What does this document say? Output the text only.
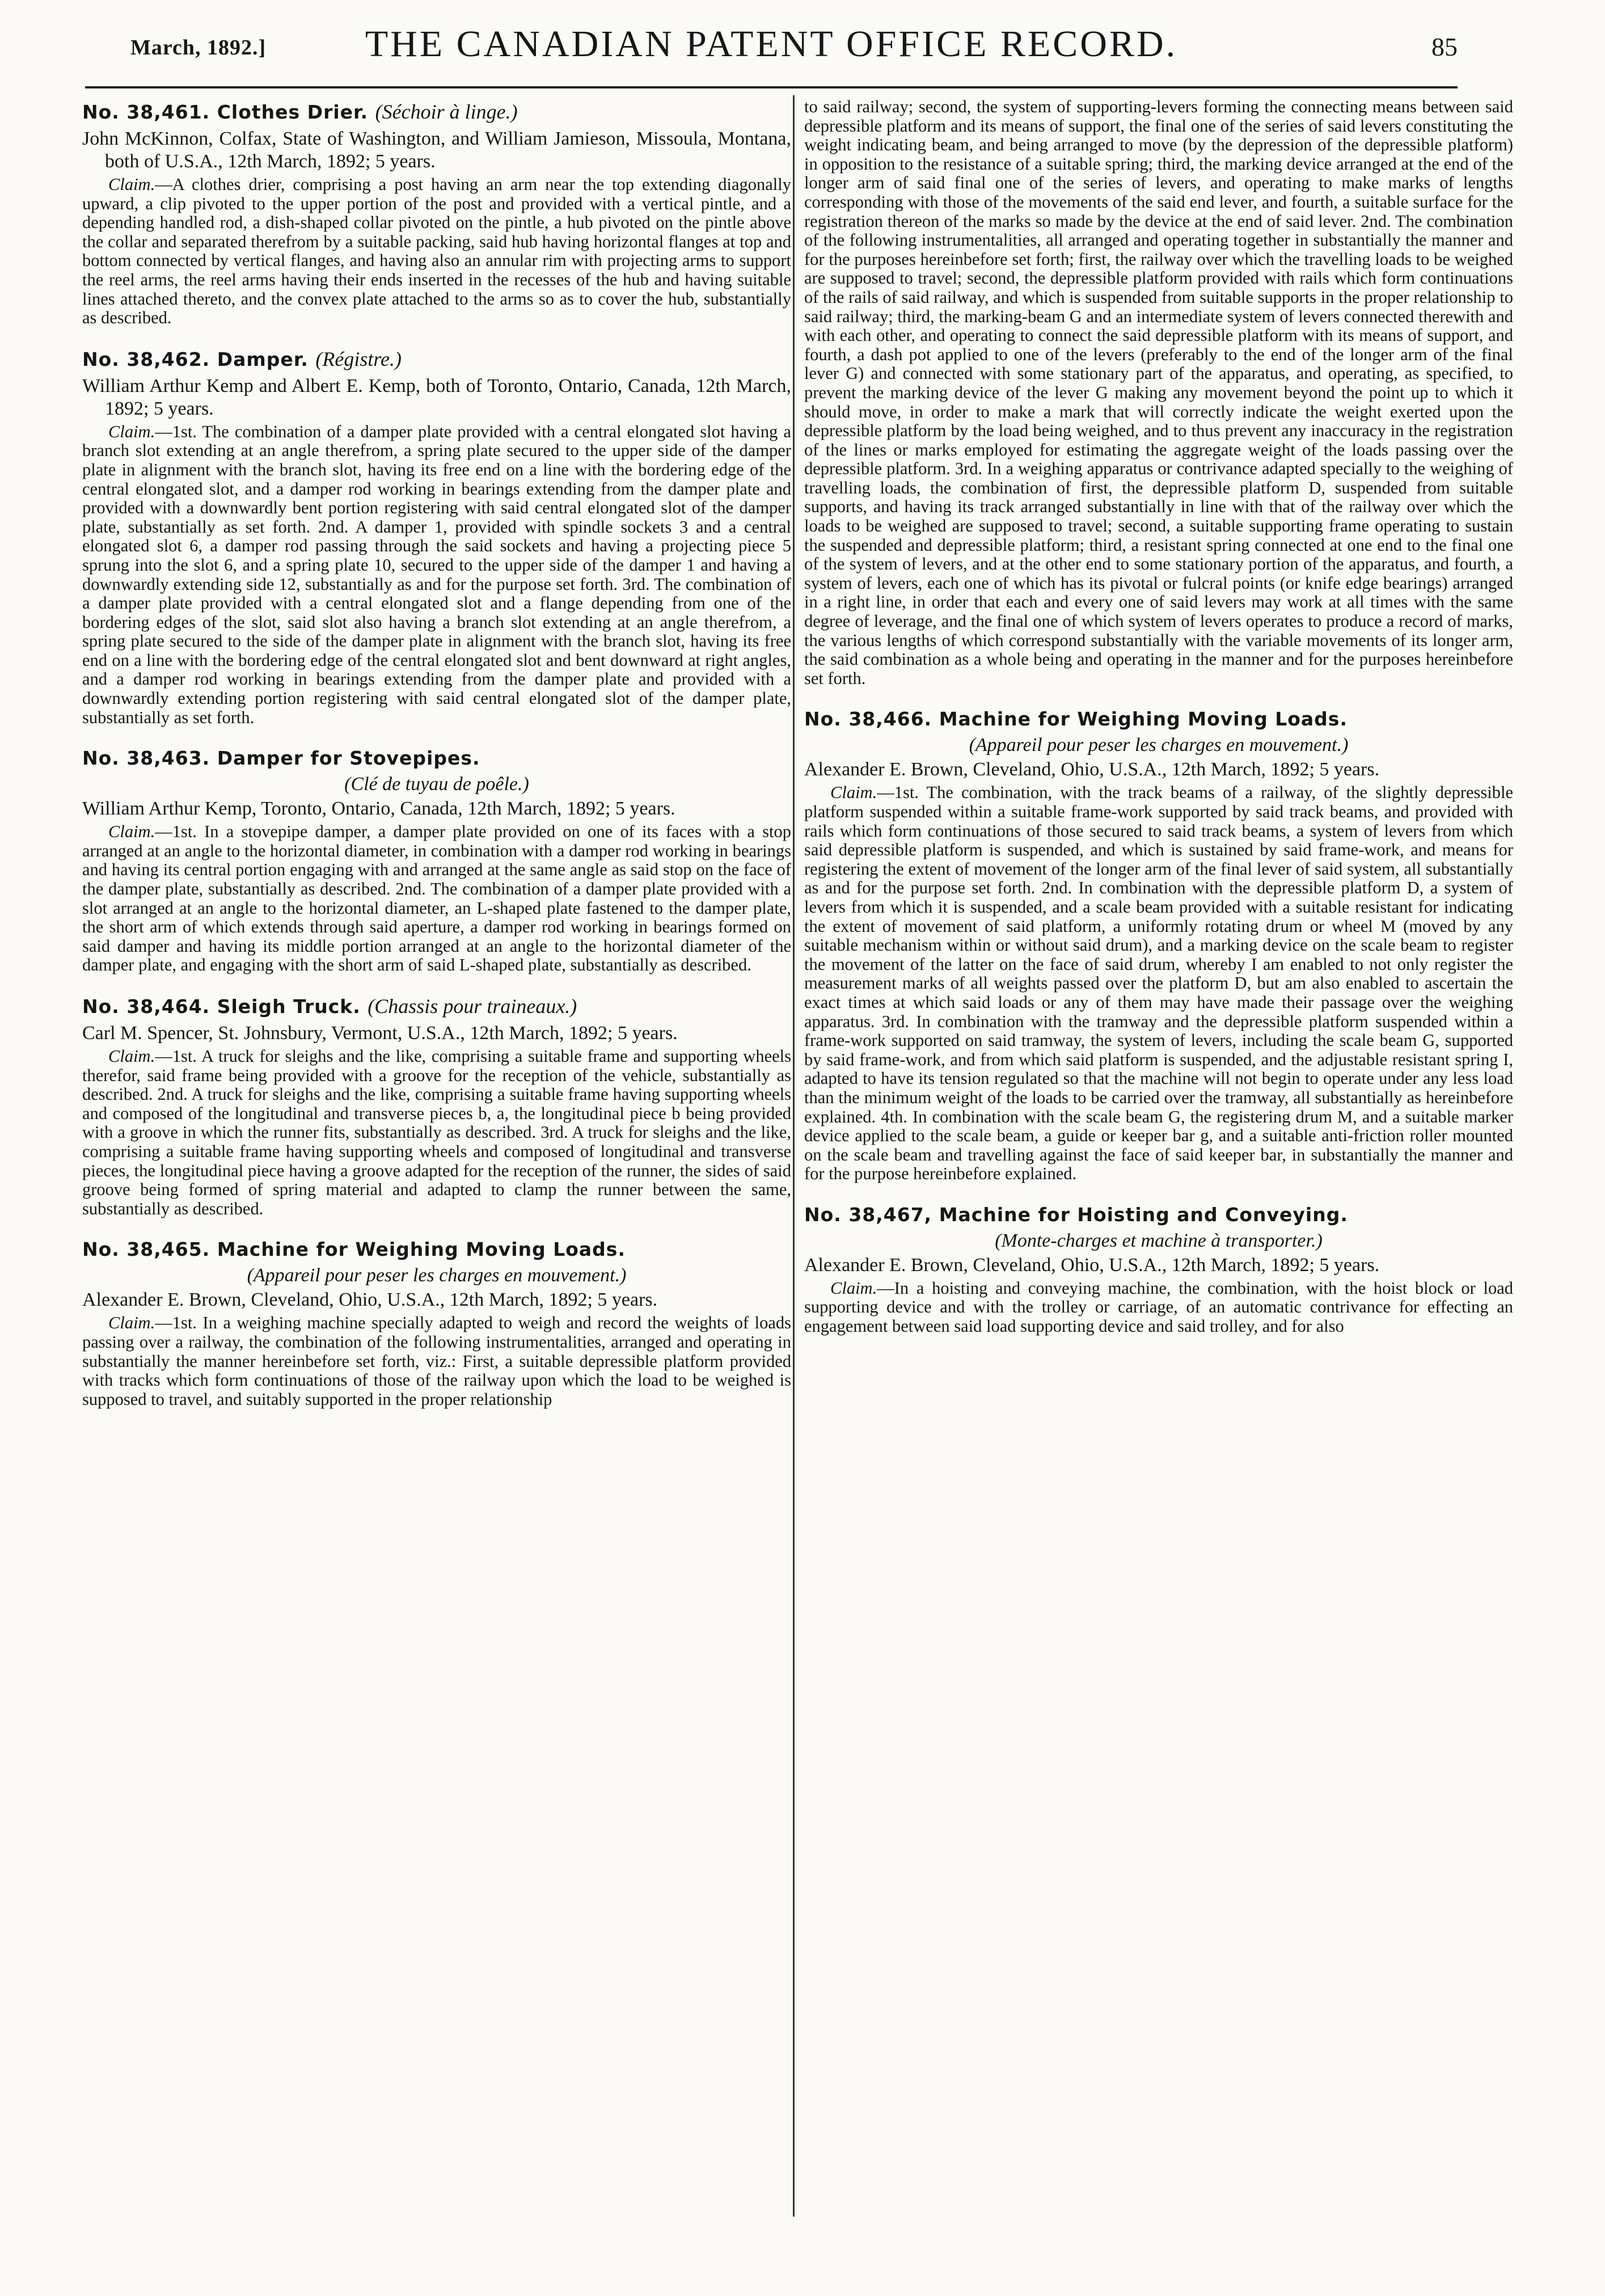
March, 1892.]	THE CANADIAN PATENT OFFICE RECORD.	85
No. 38,461. Clothes Drier. (Séchoir à linge.)

John McKinnon, Colfax, State of Washington, and William Jamieson, Missoula, Montana, both of U.S.A., 12th March, 1892; 5 years.

Claim.—A clothes drier, comprising a post having an arm near the top extending diagonally upward, a clip pivoted to the upper portion of the post and provided with a vertical pintle, and a depending handled rod, a dish-shaped collar pivoted on the pintle, a hub pivoted on the pintle above the collar and separated therefrom by a suitable packing, said hub having horizontal flanges at top and bottom connected by vertical flanges, and having also an annular rim with projecting arms to support the reel arms, the reel arms having their ends inserted in the recesses of the hub and having suitable lines attached thereto, and the convex plate attached to the arms so as to cover the hub, substantially as described.

No. 38,462. Damper. (Régistre.)

William Arthur Kemp and Albert E. Kemp, both of Toronto, Ontario, Canada, 12th March, 1892; 5 years.

Claim.—1st. The combination of a damper plate provided with a central elongated slot having a branch slot extending at an angle therefrom, a spring plate secured to the upper side of the damper plate in alignment with the branch slot, having its free end on a line with the bordering edge of the central elongated slot, and a damper rod working in bearings extending from the damper plate and provided with a downwardly bent portion registering with said central elongated slot of the damper plate, substantially as set forth. 2nd. A damper 1, provided with spindle sockets 3 and a central elongated slot 6, a damper rod passing through the said sockets and having a projecting piece 5 sprung into the slot 6, and a spring plate 10, secured to the upper side of the damper 1 and having a downwardly extending side 12, substantially as and for the purpose set forth. 3rd. The combination of a damper plate provided with a central elongated slot and a flange depending from one of the bordering edges of the slot, said slot also having a branch slot extending at an angle therefrom, a spring plate secured to the side of the damper plate in alignment with the branch slot, having its free end on a line with the bordering edge of the central elongated slot and bent downward at right angles, and a damper rod working in bearings extending from the damper plate and provided with a downwardly extending portion registering with said central elongated slot of the damper plate, substantially as set forth.

No. 38,463. Damper for Stovepipes.
(Clé de tuyau de poêle.)

William Arthur Kemp, Toronto, Ontario, Canada, 12th March, 1892; 5 years.

Claim.—1st. In a stovepipe damper, a damper plate provided on one of its faces with a stop arranged at an angle to the horizontal diameter, in combination with a damper rod working in bearings and having its central portion engaging with and arranged at the same angle as said stop on the face of the damper plate, substantially as described. 2nd. The combination of a damper plate provided with a slot arranged at an angle to the horizontal diameter, an L-shaped plate fastened to the damper plate, the short arm of which extends through said aperture, a damper rod working in bearings formed on said damper and having its middle portion arranged at an angle to the horizontal diameter of the damper plate, and engaging with the short arm of said L-shaped plate, substantially as described.

No. 38,464. Sleigh Truck. (Chassis pour traineaux.)

Carl M. Spencer, St. Johnsbury, Vermont, U.S.A., 12th March, 1892; 5 years.

Claim.—1st. A truck for sleighs and the like, comprising a suitable frame and supporting wheels therefor, said frame being provided with a groove for the reception of the vehicle, substantially as described. 2nd. A truck for sleighs and the like, comprising a suitable frame having supporting wheels and composed of the longitudinal and transverse pieces b, a, the longitudinal piece b being provided with a groove in which the runner fits, substantially as described. 3rd. A truck for sleighs and the like, comprising a suitable frame having supporting wheels and composed of longitudinal and transverse pieces, the longitudinal piece having a groove adapted for the reception of the runner, the sides of said groove being formed of spring material and adapted to clamp the runner between the same, substantially as described.

No. 38,465. Machine for Weighing Moving Loads.
(Appareil pour peser les charges en mouvement.)

Alexander E. Brown, Cleveland, Ohio, U.S.A., 12th March, 1892; 5 years.

Claim.—1st. In a weighing machine specially adapted to weigh and record the weights of loads passing over a railway, the combination of the following instrumentalities, arranged and operating in substantially the manner hereinbefore set forth, viz.: First, a suitable depressible platform provided with tracks which form continuations of those of the railway upon which the load to be weighed is supposed to travel, and suitably supported in the proper relationship

to said railway; second, the system of supporting-levers forming the connecting means between said depressible platform and its means of support, the final one of the series of said levers constituting the weight indicating beam, and being arranged to move (by the depression of the depressible platform) in opposition to the resistance of a suitable spring; third, the marking device arranged at the end of the longer arm of said final one of the series of levers, and operating to make marks of lengths corresponding with those of the movements of the said end lever, and fourth, a suitable surface for the registration thereon of the marks so made by the device at the end of said lever. 2nd. The combination of the following instrumentalities, all arranged and operating together in substantially the manner and for the purposes hereinbefore set forth; first, the railway over which the travelling loads to be weighed are supposed to travel; second, the depressible platform provided with rails which form continuations of the rails of said railway, and which is suspended from suitable supports in the proper relationship to said railway; third, the marking-beam G and an intermediate system of levers connected therewith and with each other, and operating to connect the said depressible platform with its means of support, and fourth, a dash pot applied to one of the levers (preferably to the end of the longer arm of the final lever G) and connected with some stationary part of the apparatus, and operating, as specified, to prevent the marking device of the lever G making any movement beyond the point up to which it should move, in order to make a mark that will correctly indicate the weight exerted upon the depressible platform by the load being weighed, and to thus prevent any inaccuracy in the registration of the lines or marks employed for estimating the aggregate weight of the loads passing over the depressible platform. 3rd. In a weighing apparatus or contrivance adapted specially to the weighing of travelling loads, the combination of first, the depressible platform D, suspended from suitable supports, and having its track arranged substantially in line with that of the railway over which the loads to be weighed are supposed to travel; second, a suitable supporting frame operating to sustain the suspended and depressible platform; third, a resistant spring connected at one end to the final one of the system of levers, and at the other end to some stationary portion of the apparatus, and fourth, a system of levers, each one of which has its pivotal or fulcral points (or knife edge bearings) arranged in a right line, in order that each and every one of said levers may work at all times with the same degree of leverage, and the final one of which system of levers operates to produce a record of marks, the various lengths of which correspond substantially with the variable movements of its longer arm, the said combination as a whole being and operating in the manner and for the purposes hereinbefore set forth.

No. 38,466. Machine for Weighing Moving Loads.
(Appareil pour peser les charges en mouvement.)

Alexander E. Brown, Cleveland, Ohio, U.S.A., 12th March, 1892; 5 years.

Claim.—1st. The combination, with the track beams of a railway, of the slightly depressible platform suspended within a suitable frame-work supported by said track beams, and provided with rails which form continuations of those secured to said track beams, a system of levers from which said depressible platform is suspended, and which is sustained by said frame-work, and means for registering the extent of movement of the longer arm of the final lever of said system, all substantially as and for the purpose set forth. 2nd. In combination with the depressible platform D, a system of levers from which it is suspended, and a scale beam provided with a suitable resistant for indicating the extent of movement of said platform, a uniformly rotating drum or wheel M (moved by any suitable mechanism within or without said drum), and a marking device on the scale beam to register the movement of the latter on the face of said drum, whereby I am enabled to not only register the measurement marks of all weights passed over the platform D, but am also enabled to ascertain the exact times at which said loads or any of them may have made their passage over the weighing apparatus. 3rd. In combination with the tramway and the depressible platform suspended within a frame-work supported on said tramway, the system of levers, including the scale beam G, supported by said frame-work, and from which said platform is suspended, and the adjustable resistant spring I, adapted to have its tension regulated so that the machine will not begin to operate under any less load than the minimum weight of the loads to be carried over the tramway, all substantially as hereinbefore explained. 4th. In combination with the scale beam G, the registering drum M, and a suitable marker device applied to the scale beam, a guide or keeper bar g, and a suitable anti-friction roller mounted on the scale beam and travelling against the face of said keeper bar, in substantially the manner and for the purpose hereinbefore explained.

No. 38,467, Machine for Hoisting and Conveying.
(Monte-charges et machine à transporter.)

Alexander E. Brown, Cleveland, Ohio, U.S.A., 12th March, 1892; 5 years.

Claim.—In a hoisting and conveying machine, the combination, with the hoist block or load supporting device and with the trolley or carriage, of an automatic contrivance for effecting an engagement between said load supporting device and said trolley, and for also
